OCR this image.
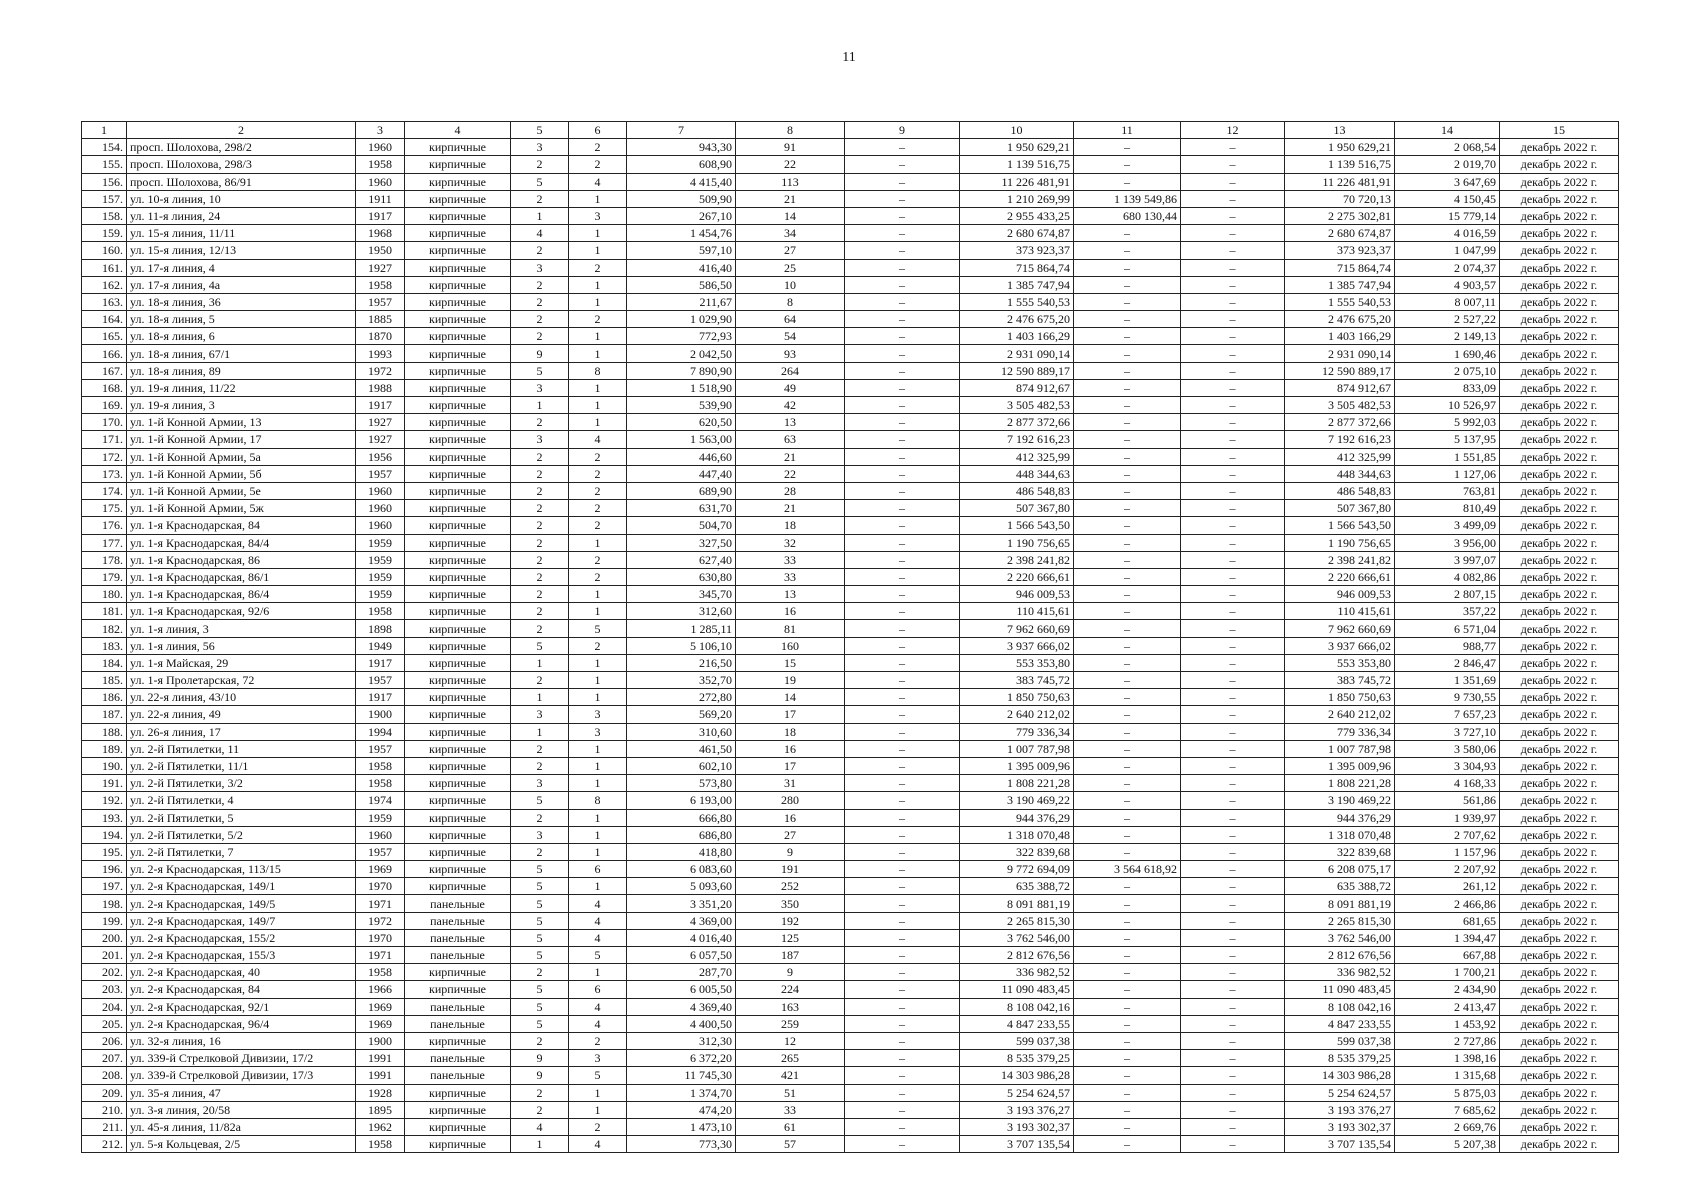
11
1	2	3	4	5	6	7	8	9	10	11	12	13	14	15
154.	просп. Шолохова, 298/2	1960	кирпичные	3	2	943,30	91	–	1 950 629,21	–	–	1 950 629,21	2 068,54	декабрь 2022 г.
155.	просп. Шолохова, 298/3	1958	кирпичные	2	2	608,90	22	–	1 139 516,75	–	–	1 139 516,75	2 019,70	декабрь 2022 г.
156.	просп. Шолохова, 86/91	1960	кирпичные	5	4	4 415,40	113	–	11 226 481,91	–	–	11 226 481,91	3 647,69	декабрь 2022 г.
157.	ул. 10-я линия, 10	1911	кирпичные	2	1	509,90	21	–	1 210 269,99	1 139 549,86	–	70 720,13	4 150,45	декабрь 2022 г.
158.	ул. 11-я линия, 24	1917	кирпичные	1	3	267,10	14	–	2 955 433,25	680 130,44	–	2 275 302,81	15 779,14	декабрь 2022 г.
159.	ул. 15-я линия, 11/11	1968	кирпичные	4	1	1 454,76	34	–	2 680 674,87	–	–	2 680 674,87	4 016,59	декабрь 2022 г.
160.	ул. 15-я линия, 12/13	1950	кирпичные	2	1	597,10	27	–	373 923,37	–	–	373 923,37	1 047,99	декабрь 2022 г.
161.	ул. 17-я линия, 4	1927	кирпичные	3	2	416,40	25	–	715 864,74	–	–	715 864,74	2 074,37	декабрь 2022 г.
162.	ул. 17-я линия, 4а	1958	кирпичные	2	1	586,50	10	–	1 385 747,94	–	–	1 385 747,94	4 903,57	декабрь 2022 г.
163.	ул. 18-я линия, 36	1957	кирпичные	2	1	211,67	8	–	1 555 540,53	–	–	1 555 540,53	8 007,11	декабрь 2022 г.
164.	ул. 18-я линия, 5	1885	кирпичные	2	2	1 029,90	64	–	2 476 675,20	–	–	2 476 675,20	2 527,22	декабрь 2022 г.
165.	ул. 18-я линия, 6	1870	кирпичные	2	1	772,93	54	–	1 403 166,29	–	–	1 403 166,29	2 149,13	декабрь 2022 г.
166.	ул. 18-я линия, 67/1	1993	кирпичные	9	1	2 042,50	93	–	2 931 090,14	–	–	2 931 090,14	1 690,46	декабрь 2022 г.
167.	ул. 18-я линия, 89	1972	кирпичные	5	8	7 890,90	264	–	12 590 889,17	–	–	12 590 889,17	2 075,10	декабрь 2022 г.
168.	ул. 19-я линия, 11/22	1988	кирпичные	3	1	1 518,90	49	–	874 912,67	–	–	874 912,67	833,09	декабрь 2022 г.
169.	ул. 19-я линия, 3	1917	кирпичные	1	1	539,90	42	–	3 505 482,53	–	–	3 505 482,53	10 526,97	декабрь 2022 г.
170.	ул. 1-й Конной Армии, 13	1927	кирпичные	2	1	620,50	13	–	2 877 372,66	–	–	2 877 372,66	5 992,03	декабрь 2022 г.
171.	ул. 1-й Конной Армии, 17	1927	кирпичные	3	4	1 563,00	63	–	7 192 616,23	–	–	7 192 616,23	5 137,95	декабрь 2022 г.
172.	ул. 1-й Конной Армии, 5а	1956	кирпичные	2	2	446,60	21	–	412 325,99	–	–	412 325,99	1 551,85	декабрь 2022 г.
173.	ул. 1-й Конной Армии, 5б	1957	кирпичные	2	2	447,40	22	–	448 344,63	–	–	448 344,63	1 127,06	декабрь 2022 г.
174.	ул. 1-й Конной Армии, 5е	1960	кирпичные	2	2	689,90	28	–	486 548,83	–	–	486 548,83	763,81	декабрь 2022 г.
175.	ул. 1-й Конной Армии, 5ж	1960	кирпичные	2	2	631,70	21	–	507 367,80	–	–	507 367,80	810,49	декабрь 2022 г.
176.	ул. 1-я Краснодарская, 84	1960	кирпичные	2	2	504,70	18	–	1 566 543,50	–	–	1 566 543,50	3 499,09	декабрь 2022 г.
177.	ул. 1-я Краснодарская, 84/4	1959	кирпичные	2	1	327,50	32	–	1 190 756,65	–	–	1 190 756,65	3 956,00	декабрь 2022 г.
178.	ул. 1-я Краснодарская, 86	1959	кирпичные	2	2	627,40	33	–	2 398 241,82	–	–	2 398 241,82	3 997,07	декабрь 2022 г.
179.	ул. 1-я Краснодарская, 86/1	1959	кирпичные	2	2	630,80	33	–	2 220 666,61	–	–	2 220 666,61	4 082,86	декабрь 2022 г.
180.	ул. 1-я Краснодарская, 86/4	1959	кирпичные	2	1	345,70	13	–	946 009,53	–	–	946 009,53	2 807,15	декабрь 2022 г.
181.	ул. 1-я Краснодарская, 92/6	1958	кирпичные	2	1	312,60	16	–	110 415,61	–	–	110 415,61	357,22	декабрь 2022 г.
182.	ул. 1-я линия, 3	1898	кирпичные	2	5	1 285,11	81	–	7 962 660,69	–	–	7 962 660,69	6 571,04	декабрь 2022 г.
183.	ул. 1-я линия, 56	1949	кирпичные	5	2	5 106,10	160	–	3 937 666,02	–	–	3 937 666,02	988,77	декабрь 2022 г.
184.	ул. 1-я Майская, 29	1917	кирпичные	1	1	216,50	15	–	553 353,80	–	–	553 353,80	2 846,47	декабрь 2022 г.
185.	ул. 1-я Пролетарская, 72	1957	кирпичные	2	1	352,70	19	–	383 745,72	–	–	383 745,72	1 351,69	декабрь 2022 г.
186.	ул. 22-я линия, 43/10	1917	кирпичные	1	1	272,80	14	–	1 850 750,63	–	–	1 850 750,63	9 730,55	декабрь 2022 г.
187.	ул. 22-я линия, 49	1900	кирпичные	3	3	569,20	17	–	2 640 212,02	–	–	2 640 212,02	7 657,23	декабрь 2022 г.
188.	ул. 26-я линия, 17	1994	кирпичные	1	3	310,60	18	–	779 336,34	–	–	779 336,34	3 727,10	декабрь 2022 г.
189.	ул. 2-й Пятилетки, 11	1957	кирпичные	2	1	461,50	16	–	1 007 787,98	–	–	1 007 787,98	3 580,06	декабрь 2022 г.
190.	ул. 2-й Пятилетки, 11/1	1958	кирпичные	2	1	602,10	17	–	1 395 009,96	–	–	1 395 009,96	3 304,93	декабрь 2022 г.
191.	ул. 2-й Пятилетки, 3/2	1958	кирпичные	3	1	573,80	31	–	1 808 221,28	–	–	1 808 221,28	4 168,33	декабрь 2022 г.
192.	ул. 2-й Пятилетки, 4	1974	кирпичные	5	8	6 193,00	280	–	3 190 469,22	–	–	3 190 469,22	561,86	декабрь 2022 г.
193.	ул. 2-й Пятилетки, 5	1959	кирпичные	2	1	666,80	16	–	944 376,29	–	–	944 376,29	1 939,97	декабрь 2022 г.
194.	ул. 2-й Пятилетки, 5/2	1960	кирпичные	3	1	686,80	27	–	1 318 070,48	–	–	1 318 070,48	2 707,62	декабрь 2022 г.
195.	ул. 2-й Пятилетки, 7	1957	кирпичные	2	1	418,80	9	–	322 839,68	–	–	322 839,68	1 157,96	декабрь 2022 г.
196.	ул. 2-я Краснодарская, 113/15	1969	кирпичные	5	6	6 083,60	191	–	9 772 694,09	3 564 618,92	–	6 208 075,17	2 207,92	декабрь 2022 г.
197.	ул. 2-я Краснодарская, 149/1	1970	кирпичные	5	1	5 093,60	252	–	635 388,72	–	–	635 388,72	261,12	декабрь 2022 г.
198.	ул. 2-я Краснодарская, 149/5	1971	панельные	5	4	3 351,20	350	–	8 091 881,19	–	–	8 091 881,19	2 466,86	декабрь 2022 г.
199.	ул. 2-я Краснодарская, 149/7	1972	панельные	5	4	4 369,00	192	–	2 265 815,30	–	–	2 265 815,30	681,65	декабрь 2022 г.
200.	ул. 2-я Краснодарская, 155/2	1970	панельные	5	4	4 016,40	125	–	3 762 546,00	–	–	3 762 546,00	1 394,47	декабрь 2022 г.
201.	ул. 2-я Краснодарская, 155/3	1971	панельные	5	5	6 057,50	187	–	2 812 676,56	–	–	2 812 676,56	667,88	декабрь 2022 г.
202.	ул. 2-я Краснодарская, 40	1958	кирпичные	2	1	287,70	9	–	336 982,52	–	–	336 982,52	1 700,21	декабрь 2022 г.
203.	ул. 2-я Краснодарская, 84	1966	кирпичные	5	6	6 005,50	224	–	11 090 483,45	–	–	11 090 483,45	2 434,90	декабрь 2022 г.
204.	ул. 2-я Краснодарская, 92/1	1969	панельные	5	4	4 369,40	163	–	8 108 042,16	–	–	8 108 042,16	2 413,47	декабрь 2022 г.
205.	ул. 2-я Краснодарская, 96/4	1969	панельные	5	4	4 400,50	259	–	4 847 233,55	–	–	4 847 233,55	1 453,92	декабрь 2022 г.
206.	ул. 32-я линия, 16	1900	кирпичные	2	2	312,30	12	–	599 037,38	–	–	599 037,38	2 727,86	декабрь 2022 г.
207.	ул. 339-й Стрелковой Дивизии, 17/2	1991	панельные	9	3	6 372,20	265	–	8 535 379,25	–	–	8 535 379,25	1 398,16	декабрь 2022 г.
208.	ул. 339-й Стрелковой Дивизии, 17/3	1991	панельные	9	5	11 745,30	421	–	14 303 986,28	–	–	14 303 986,28	1 315,68	декабрь 2022 г.
209.	ул. 35-я линия, 47	1928	кирпичные	2	1	1 374,70	51	–	5 254 624,57	–	–	5 254 624,57	5 875,03	декабрь 2022 г.
210.	ул. 3-я линия, 20/58	1895	кирпичные	2	1	474,20	33	–	3 193 376,27	–	–	3 193 376,27	7 685,62	декабрь 2022 г.
211.	ул. 45-я линия, 11/82а	1962	кирпичные	4	2	1 473,10	61	–	3 193 302,37	–	–	3 193 302,37	2 669,76	декабрь 2022 г.
212.	ул. 5-я Кольцевая, 2/5	1958	кирпичные	1	4	773,30	57	–	3 707 135,54	–	–	3 707 135,54	5 207,38	декабрь 2022 г.
